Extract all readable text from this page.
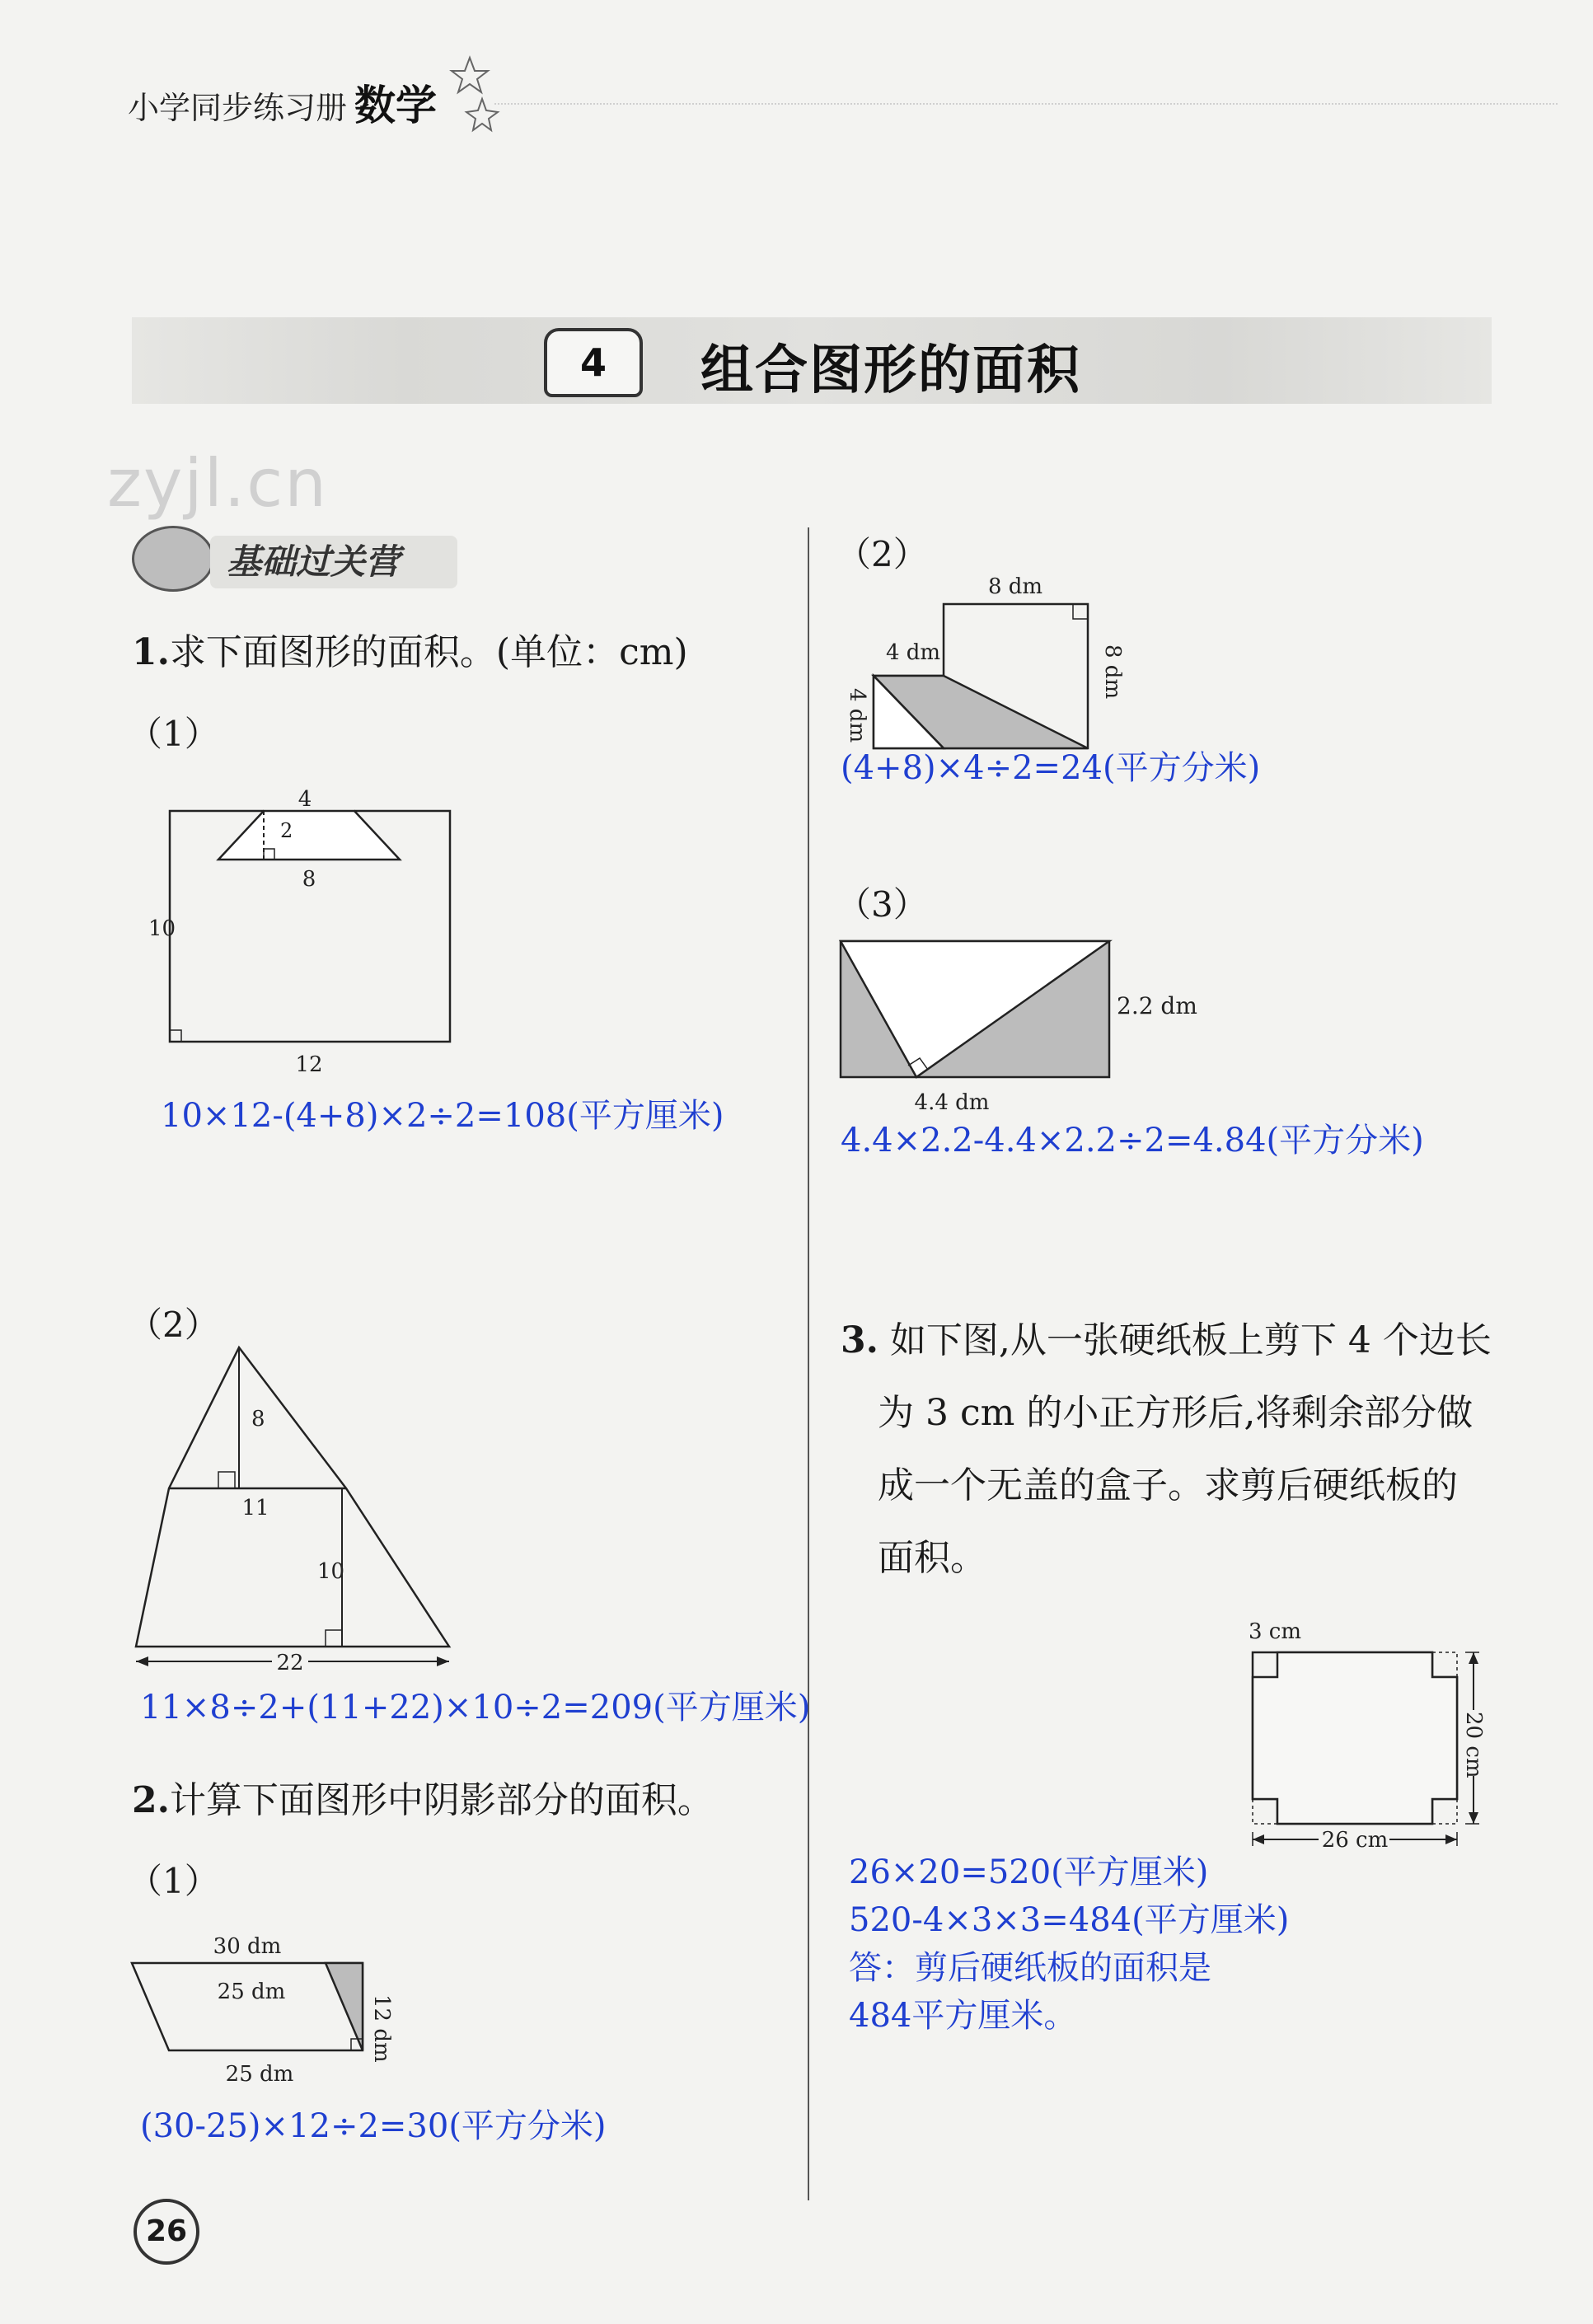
小学同步练习册 ·
数学
4	组合图形的面积
zyjl.cn
基础过关营
1.求下面图形的面积。(单位：cm)
（1）
4
2
8
10
12
10×12-(4+8)×2÷2=108(平方厘米)
（2）
8
11
10
22
11×8÷2+(11+22)×10÷2=209(平方厘米)
2.计算下面图形中阴影部分的面积。
（1）
30 dm
25 dm
25 dm
12 dm
(30-25)×12÷2=30(平方分米)
（2）
8 dm
4 dm	8 dm
4 dm
(4+8)×4÷2=24(平方分米)
（3）
2.2 dm
4.4 dm
4.4×2.2-4.4×2.2÷2=4.84(平方分米)
3. 如下图,从一张硬纸板上剪下 4 个边长
为 3 cm 的小正方形后,将剩余部分做
成一个无盖的盒子。求剪后硬纸板的
面积。
3 cm
20 cm
26 cm
26×20=520(平方厘米)
520-4×3×3=484(平方厘米)
答：剪后硬纸板的面积是
484平方厘米。
26
